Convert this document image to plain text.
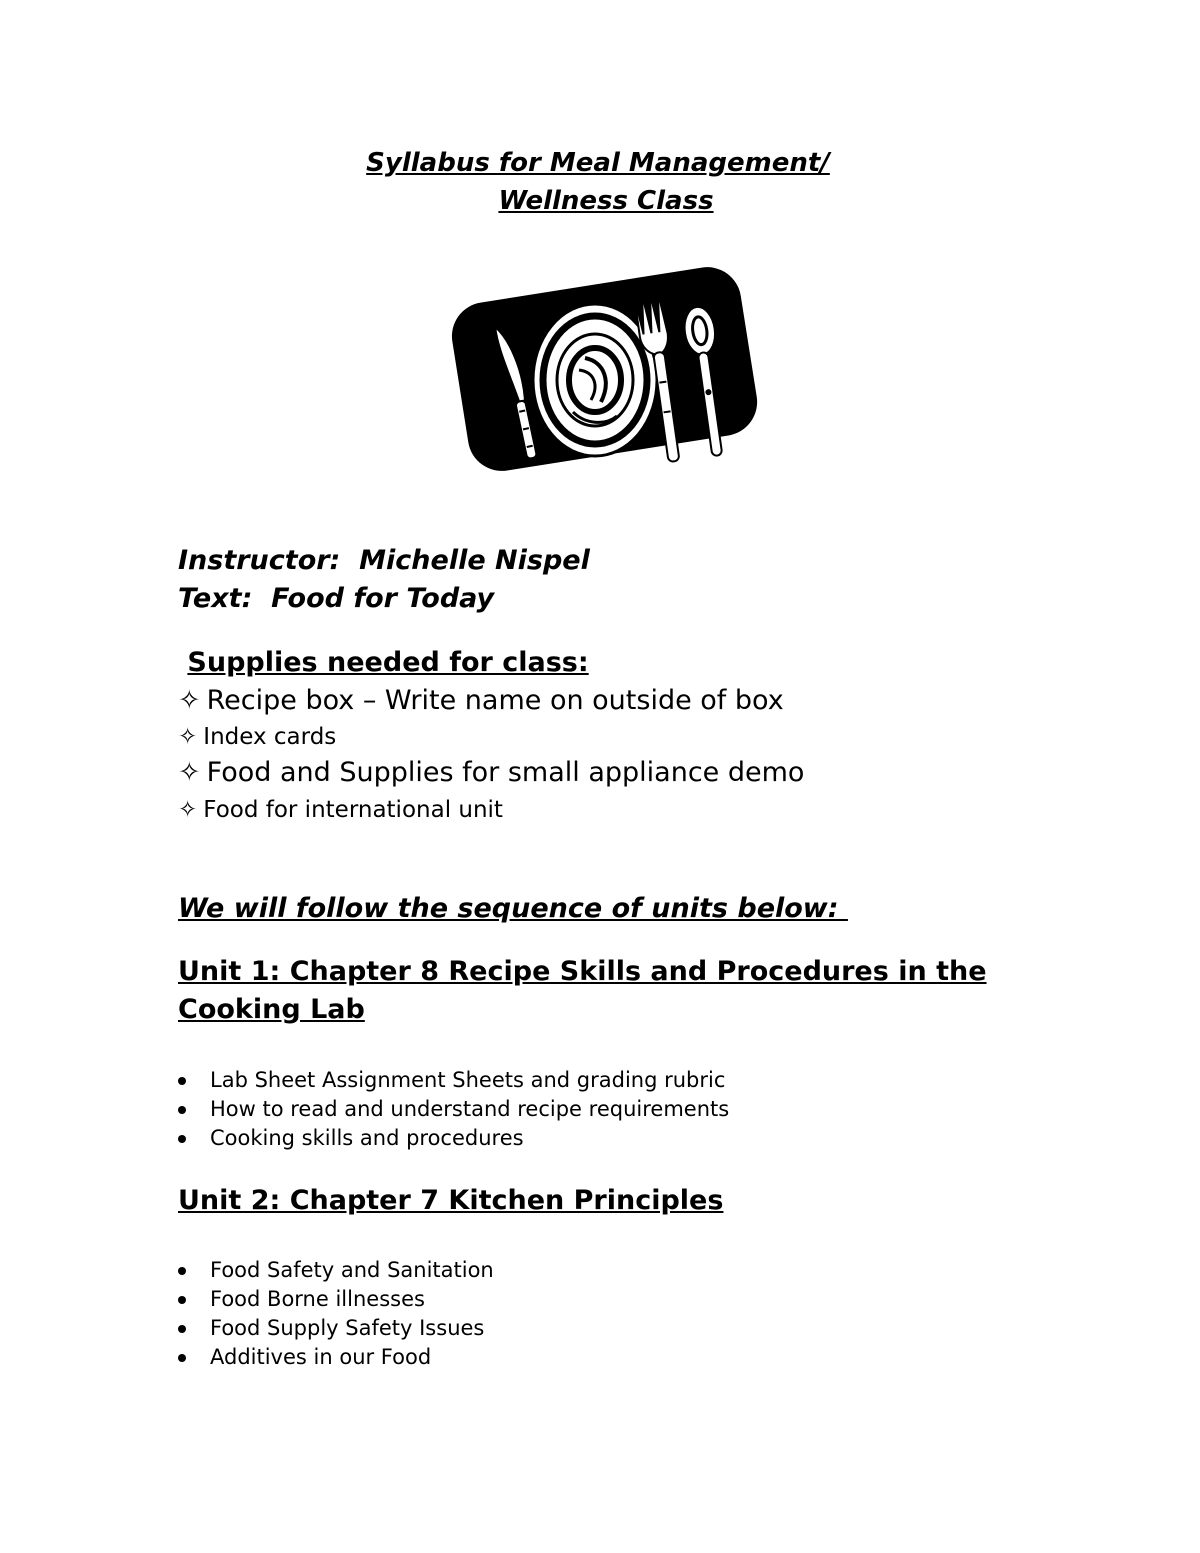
Syllabus for Meal Management/

Wellness Class

Instructor:  Michelle Nispel
Text:  Food for Today
Supplies needed for class:
✧ Recipe box – Write name on outside of box
✧ Index cards
✧ Food and Supplies for small appliance demo
✧ Food for international unit
We will follow the sequence of units below:
Unit 1: Chapter 8 Recipe Skills and Procedures in the Cooking Lab
Lab Sheet Assignment Sheets and grading rubric
How to read and understand recipe requirements
Cooking skills and procedures
Unit 2: Chapter 7 Kitchen Principles
Food Safety and Sanitation
Food Borne illnesses
Food Supply Safety Issues
Additives in our Food
